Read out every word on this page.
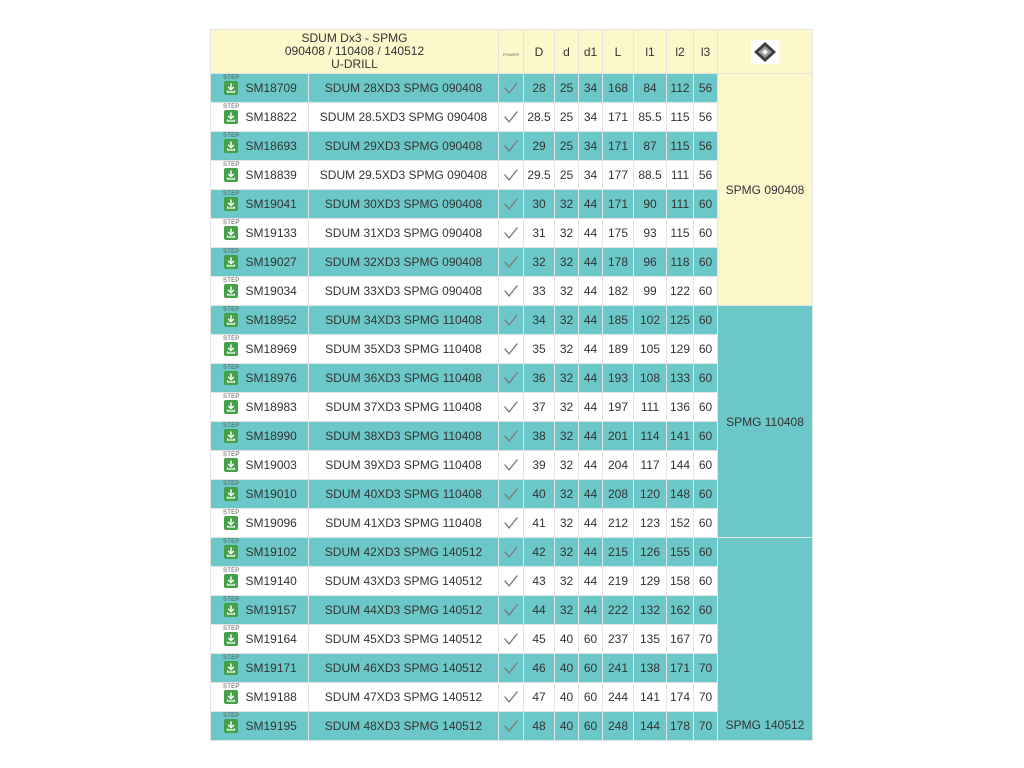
SDUM Dx3 - SPMG
090408 / 110408 / 140512
U-DRILL		POWER	D	d	d1	L	l1	l2	l3	

STEP
SM18709	SDUM 28XD3 SPMG 090408		28	25	34	168	84	112	56	SPMG 090408

STEP
SM18822	SDUM 28.5XD3 SPMG 090408		28.5	25	34	171	85.5	115	56	

STEP
SM18693	SDUM 29XD3 SPMG 090408		29	25	34	171	87	115	56	

STEP
SM18839	SDUM 29.5XD3 SPMG 090408		29.5	25	34	177	88.5	111	56	

STEP
SM19041	SDUM 30XD3 SPMG 090408		30	32	44	171	90	111	60	

STEP
SM19133	SDUM 31XD3 SPMG 090408		31	32	44	175	93	115	60	

STEP
SM19027	SDUM 32XD3 SPMG 090408		32	32	44	178	96	118	60	

STEP
SM19034	SDUM 33XD3 SPMG 090408		33	32	44	182	99	122	60	

STEP
SM18952	SDUM 34XD3 SPMG 110408		34	32	44	185	102	125	60	SPMG 110408

STEP
SM18969	SDUM 35XD3 SPMG 110408		35	32	44	189	105	129	60	

STEP
SM18976	SDUM 36XD3 SPMG 110408		36	32	44	193	108	133	60	

STEP
SM18983	SDUM 37XD3 SPMG 110408		37	32	44	197	111	136	60	

STEP
SM18990	SDUM 38XD3 SPMG 110408		38	32	44	201	114	141	60	

STEP
SM19003	SDUM 39XD3 SPMG 110408		39	32	44	204	117	144	60	

STEP
SM19010	SDUM 40XD3 SPMG 110408		40	32	44	208	120	148	60	

STEP
SM19096	SDUM 41XD3 SPMG 110408		41	32	44	212	123	152	60	

STEP
SM19102	SDUM 42XD3 SPMG 140512		42	32	44	215	126	155	60	SPMG 140512

STEP
SM19140	SDUM 43XD3 SPMG 140512		43	32	44	219	129	158	60	

STEP
SM19157	SDUM 44XD3 SPMG 140512		44	32	44	222	132	162	60	

STEP
SM19164	SDUM 45XD3 SPMG 140512		45	40	60	237	135	167	70	

STEP
SM19171	SDUM 46XD3 SPMG 140512		46	40	60	241	138	171	70	

STEP
SM19188	SDUM 47XD3 SPMG 140512		47	40	60	244	141	174	70	

STEP
SM19195	SDUM 48XD3 SPMG 140512		48	40	60	248	144	178	70	
